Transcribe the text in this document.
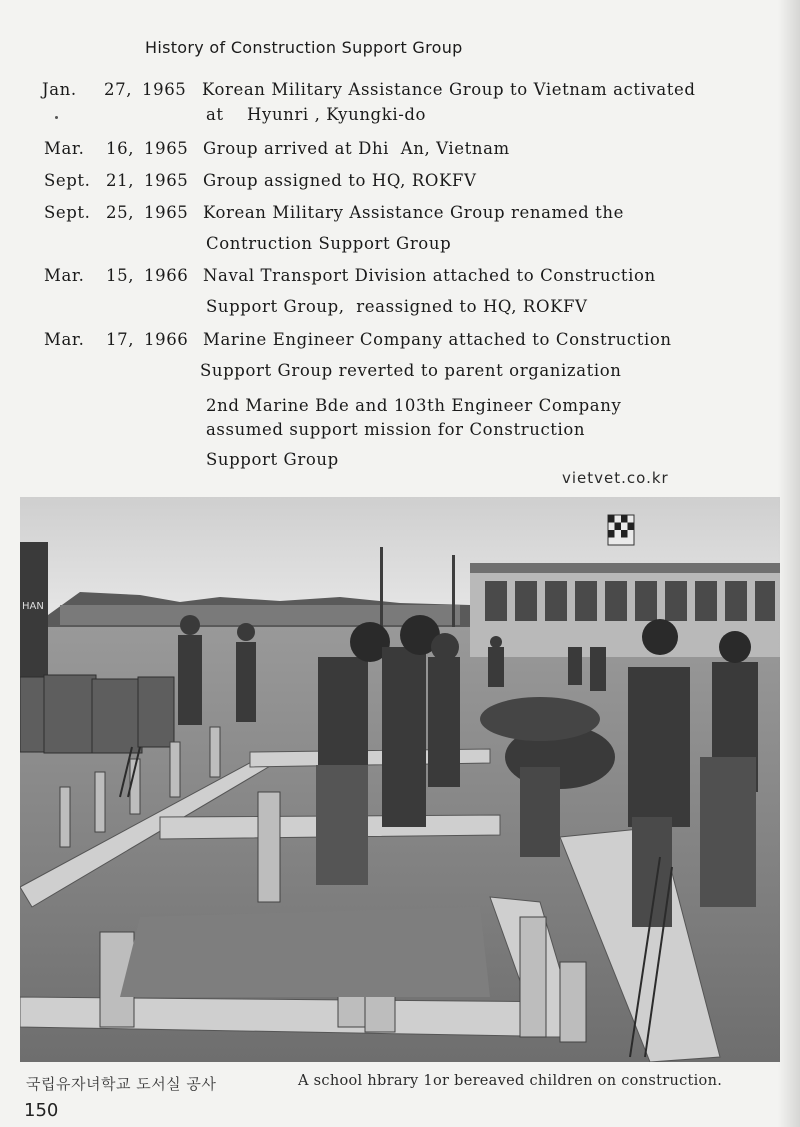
History of Construction Support Group
Jan. 27, 1965 Korean Military Assistance Group to Vietnam activated
at    Hyunri , Kyungki-do
Mar. 16, 1965 Group arrived at Dhi  An, Vietnam
Sept. 21, 1965 Group assigned to HQ, ROKFV
Sept. 25, 1965 Korean Military Assistance Group renamed the
Contruction Support Group
Mar. 15, 1966 Naval Transport Division attached to Construction
Support Group,  reassigned to HQ, ROKFV
Mar. 17, 1966 Marine Engineer Company attached to Construction
Support Group reverted to parent organization
2nd Marine Bde and 103th Engineer Company
assumed support mission for Construction
Support Group
vietvet.co.kr
HAN
국립유자녀학교 도서실 공사	A school hbrary 1or bereaved children on construction.
150
